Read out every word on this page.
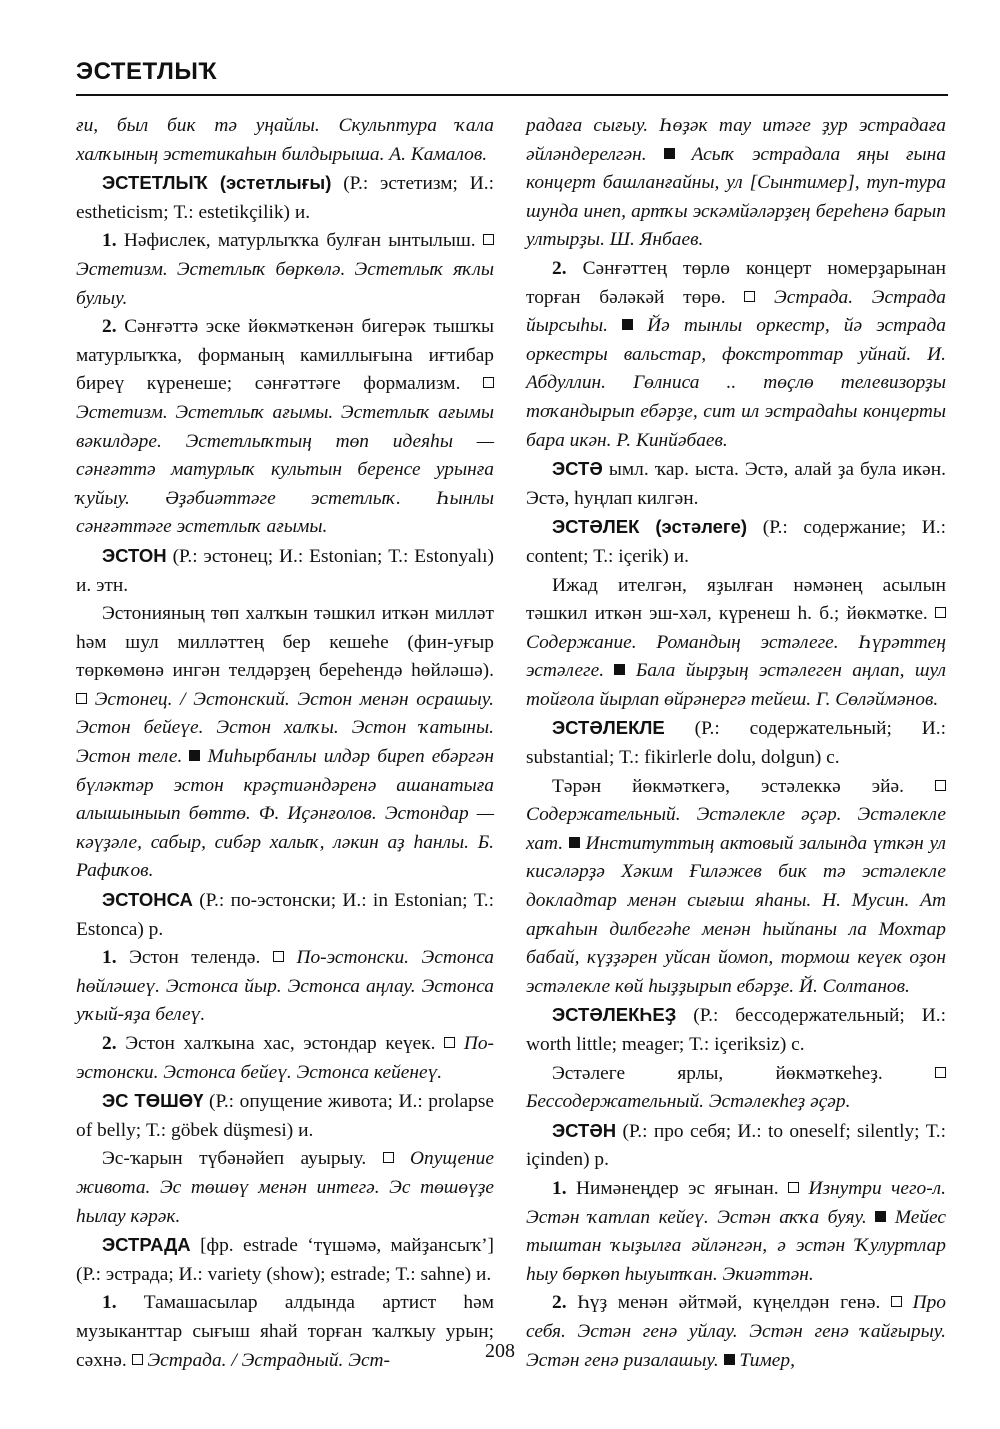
ЭСТЕТЛЫҠ

ғи, был бик тә уңайлы. Скульптура ҡала халҡының эстетикаһын билдырыша. А. Камалов.

ЭСТЕТЛЫҠ (эстетлығы) (Р.: эстетизм; И.: estheticism; Т.: estetikçilik) и.

1. Нәфислек, матурлыҡҡа булған ынтылыш.  Эстетизм. Эстетлыҡ бөркөлә. Эстетлыҡ яҡлы булыу.

2. Сәнғәттә эске йөкмәткенән бигерәк тышҡы матурлыҡҡа, форманың камиллығына иғтибар биреү күренеше; сәнғәттәге формализм.  Эстетизм. Эстетлыҡ ағымы. Эстетлыҡ ағымы вәкилдәре. Эстетлыҡтың төп идеяһы — сәнғәттә матурлыҡ культын беренсе урынға ҡуйыу. Әҙәбиәттәге эстетлыҡ. Һынлы сәнғәттәге эстетлыҡ ағымы.

ЭСТОН (Р.: эстонец; И.: Estonian; Т.: Estonyalı) и. этн.

Эстонияның төп халҡын тәшкил иткән милләт һәм шул милләттең бер кешеһе (фин-уғыр төркөмөнә ингән телдәрҙең береһендә һөйләшә).  Эстонец. / Эстонский. Эстон менән осрашыу. Эстон бейеүе. Эстон халҡы. Эстон ҡатыны. Эстон теле. Миһырбанлы илдәр биреп ебәргән бүләктәр эстон крәҫтиәндәренә ашанатыға алышыныып бөттө. Ф. Иҫәнғолов. Эстондар — кәүҙәле, сабыр, сибәр халыҡ, ләкин аҙ һанлы. Б. Рафиҡов.

ЭСТОНСА (Р.: по-эстонски; И.: in Estonian; Т.: Estonca) р.

1. Эстон телендә. По-эстонски. Эстонса һөйләшеү. Эстонса йыр. Эстонса аңлау. Эстонса уҡый-яҙа белеү.

2. Эстон халҡына хас, эстондар кеүек. По-эстонски. Эстонса бейеү. Эстонса кейенеү.

ЭС ТӨШӨҮ (Р.: опущение живота; И.: prolapse of belly; Т.: göbek düşmesi) и.

Эс-ҡарын түбәнәйеп ауырыу. Опущение живота. Эс төшөү менән интегә. Эс төшөүҙе һылау кәрәк.

ЭСТРАДА [фр. estrade ‘түшәмә, майҙансыҡ’] (Р.: эстрада; И.: variety (show); estrade; Т.: sahne) и.

1. Тамашасылар алдында артист һәм музыканттар сығыш яһай торған ҡалҡыу урын; сәхнә. Эстрада. / Эстрадный. Эст-

радаға сығыу. Һөҙәк тау итәге ҙур эстрадаға әйләндерелгән. Асыҡ эстрадала яңы ғына концерт башланғайны, ул [Сынтимер], туп-тура шунда инеп, артҡы эскәмйәләрҙең береһенә барып ултырҙы. Ш. Янбаев.

2. Сәнғәттең төрлө концерт номерҙарынан торған бәләкәй төрө. Эстрада. Эстрада йырсыһы. Йә тынлы оркестр, йә эстрада оркестры вальстар, фокстроттар уйнай. И. Абдуллин. Гөлниса .. төҫлө телевизорҙы тоҡандырып ебәрҙе, сит ил эстрадаһы концерты бара икән. Р. Кинйәбаев.

ЭСТӘ ымл. ҡар. ыста. Эстә, алай ҙа була икән. Эстә, һуңлап килгән.

ЭСТӘЛЕК (эстәлеге) (Р.: содержание; И.: content; Т.: içerik) и.

Ижад ителгән, яҙылған нәмәнең асылын тәшкил иткән эш-хәл, күренеш һ. б.; йөкмәтке.  Содержание. Романдың эстәлеге. Һүрәттең эстәлеге. Бала йырҙың эстәлеген аңлап, шул тойғола йырлап өйрәнергә тейеш. Г. Сөләймәнов.

ЭСТӘЛЕКЛЕ (Р.: содержательный; И.: substantial; Т.: fikirlerle dolu, dolgun) с.

Тәрән йөкмәткегә, эстәлеккә эйә.  Содержательный. Эстәлекле әҫәр. Эстәлекле хат. Институттың актовый залында үткән ул кисәләрҙә Хәким Ғиләжев бик тә эстәлекле докладтар менән сығыш яһаны. Н. Мусин. Ат арҡаһын дилбегәһе менән һыйпаны ла Мохтар бабай, күҙҙәрен уйсан йомоп, тормош кеүек оҙон эстәлекле көй һыҙҙырып ебәрҙе. Й. Солтанов.

ЭСТӘЛЕКҺЕҘ (Р.: бессодержательный; И.: worth little; meager; Т.: içeriksiz) с.

Эстәлеге ярлы, йөкмәткеһеҙ.  Бессодержательный. Эстәлекһеҙ әҫәр.

ЭСТӘН (Р.: про себя; И.: to oneself; silently; Т.: içinden) р.

1. Нимәнеңдер эс яғынан. Изнутри чего-л. Эстән ҡатлап кейеү. Эстән аҡҡа буяу. Мейес тыштан ҡыҙылға әйләнгән, ә эстән Ҡулуртлар һыу бөркөп һыуытҡан. Экиәттән.

2. Һүҙ менән әйтмәй, күңелдән генә. Про себя. Эстән генә уйлау. Эстән генә ҡайғырыу. Эстән генә ризалашыу. Тимер,

208
